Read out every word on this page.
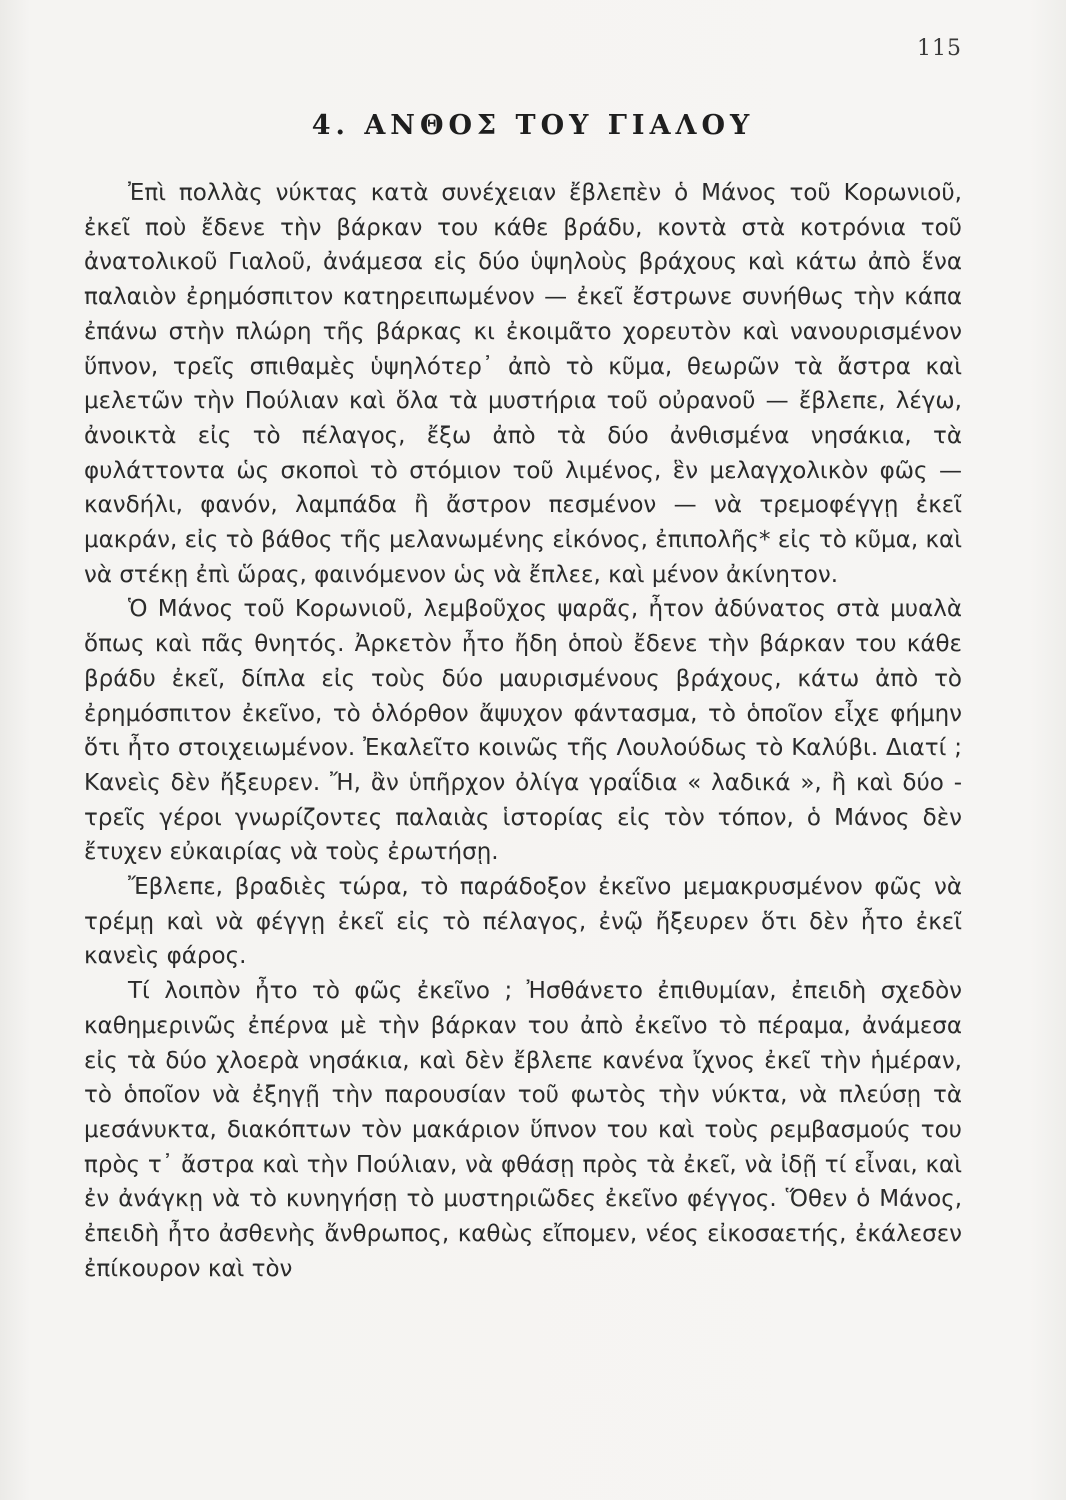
115
4. ΑΝΘΟΣ ΤΟΥ ΓΙΑΛΟΥ

Ἐπὶ πολλὰς νύκτας κατὰ συνέχειαν ἔβλεπὲν ὁ Μάνος τοῦ Κορωνιοῦ, ἐκεῖ ποὺ ἔδενε τὴν βάρκαν του κάθε βράδυ, κοντὰ στὰ κοτρόνια τοῦ ἀνατολικοῦ Γιαλοῦ, ἀνάμεσα εἰς δύο ὑψηλοὺς βράχους καὶ κάτω ἀπὸ ἕνα παλαιὸν ἐρημόσπιτον κατηρειπωμένον — ἐκεῖ ἔστρωνε συνήθως τὴν κάπα ἐπάνω στὴν πλώρη τῆς βάρκας κι ἐκοιμᾶτο χορευτὸν καὶ νανουρισμένον ὕπνον, τρεῖς σπιθαμὲς ὑψηλότερ᾽ ἀπὸ τὸ κῦμα, θεωρῶν τὰ ἄστρα καὶ μελετῶν τὴν Πούλιαν καὶ ὅλα τὰ μυστήρια τοῦ οὐρανοῦ — ἔβλεπε, λέγω, ἀνοικτὰ εἰς τὸ πέλαγος, ἔξω ἀπὸ τὰ δύο ἀνθισμένα νησάκια, τὰ φυλάττοντα ὡς σκοποὶ τὸ στόμιον τοῦ λιμένος, ἓν μελαγχολικὸν φῶς — κανδήλι, φανόν, λαμπάδα ἢ ἄστρον πεσμένον — νὰ τρεμοφέγγῃ ἐκεῖ μακράν, εἰς τὸ βάθος τῆς μελανωμένης εἰκόνος, ἐπιπολῆς* εἰς τὸ κῦμα, καὶ νὰ στέκῃ ἐπὶ ὥρας, φαινόμενον ὡς νὰ ἔπλεε, καὶ μένον ἀκίνητον.

Ὁ Μάνος τοῦ Κορωνιοῦ, λεμβοῦχος ψαρᾶς, ἦτον ἀδύνατος στὰ μυαλὰ ὅπως καὶ πᾶς θνητός. Ἀρκετὸν ἦτο ἤδη ὁποὺ ἔδενε τὴν βάρκαν του κάθε βράδυ ἐκεῖ, δίπλα εἰς τοὺς δύο μαυρισμένους βράχους, κάτω ἀπὸ τὸ ἐρημόσπιτον ἐκεῖνο, τὸ ὁλόρθον ἄψυχον φάντασμα, τὸ ὁποῖον εἶχε φήμην ὅτι ἦτο στοιχειωμένον. Ἐκαλεῖτο κοινῶς τῆς Λουλούδως τὸ Καλύβι. Διατί ; Κανεὶς δὲν ἤξευρεν. Ἤ, ἂν ὑπῆρχον ὀλίγα γραΐδια « λαδικά », ἢ καὶ δύο - τρεῖς γέροι γνωρίζοντες παλαιὰς ἱστορίας εἰς τὸν τόπον, ὁ Μάνος δὲν ἔτυχεν εὐκαιρίας νὰ τοὺς ἐρωτήσῃ.

Ἔβλεπε, βραδιὲς τώρα, τὸ παράδοξον ἐκεῖνο μεμακρυσμένον φῶς νὰ τρέμῃ καὶ νὰ φέγγῃ ἐκεῖ εἰς τὸ πέλαγος, ἐνῷ ἤξευρεν ὅτι δὲν ἦτο ἐκεῖ κανεὶς φάρος.

Τί λοιπὸν ἦτο τὸ φῶς ἐκεῖνο ; Ἠσθάνετο ἐπιθυμίαν, ἐπειδὴ σχεδὸν καθημερινῶς ἐπέρνα μὲ τὴν βάρκαν του ἀπὸ ἐκεῖνο τὸ πέραμα, ἀνάμεσα εἰς τὰ δύο χλοερὰ νησάκια, καὶ δὲν ἔβλεπε κανένα ἴχνος ἐκεῖ τὴν ἡμέραν, τὸ ὁποῖον νὰ ἐξηγῇ τὴν παρουσίαν τοῦ φωτὸς τὴν νύκτα, νὰ πλεύσῃ τὰ μεσάνυκτα, διακόπτων τὸν μακάριον ὕπνον του καὶ τοὺς ρεμβασμούς του πρὸς τ᾽ ἄστρα καὶ τὴν Πούλιαν, νὰ φθάσῃ πρὸς τὰ ἐκεῖ, νὰ ἰδῇ τί εἶναι, καὶ ἐν ἀνάγκῃ νὰ τὸ κυνηγήσῃ τὸ μυστηριῶδες ἐκεῖνο φέγγος. Ὅθεν ὁ Μάνος, ἐπειδὴ ἦτο ἀσθενὴς ἄνθρωπος, καθὼς εἴπομεν, νέος εἰκοσαετής, ἐκάλεσεν ἐπίκουρον καὶ τὸν
